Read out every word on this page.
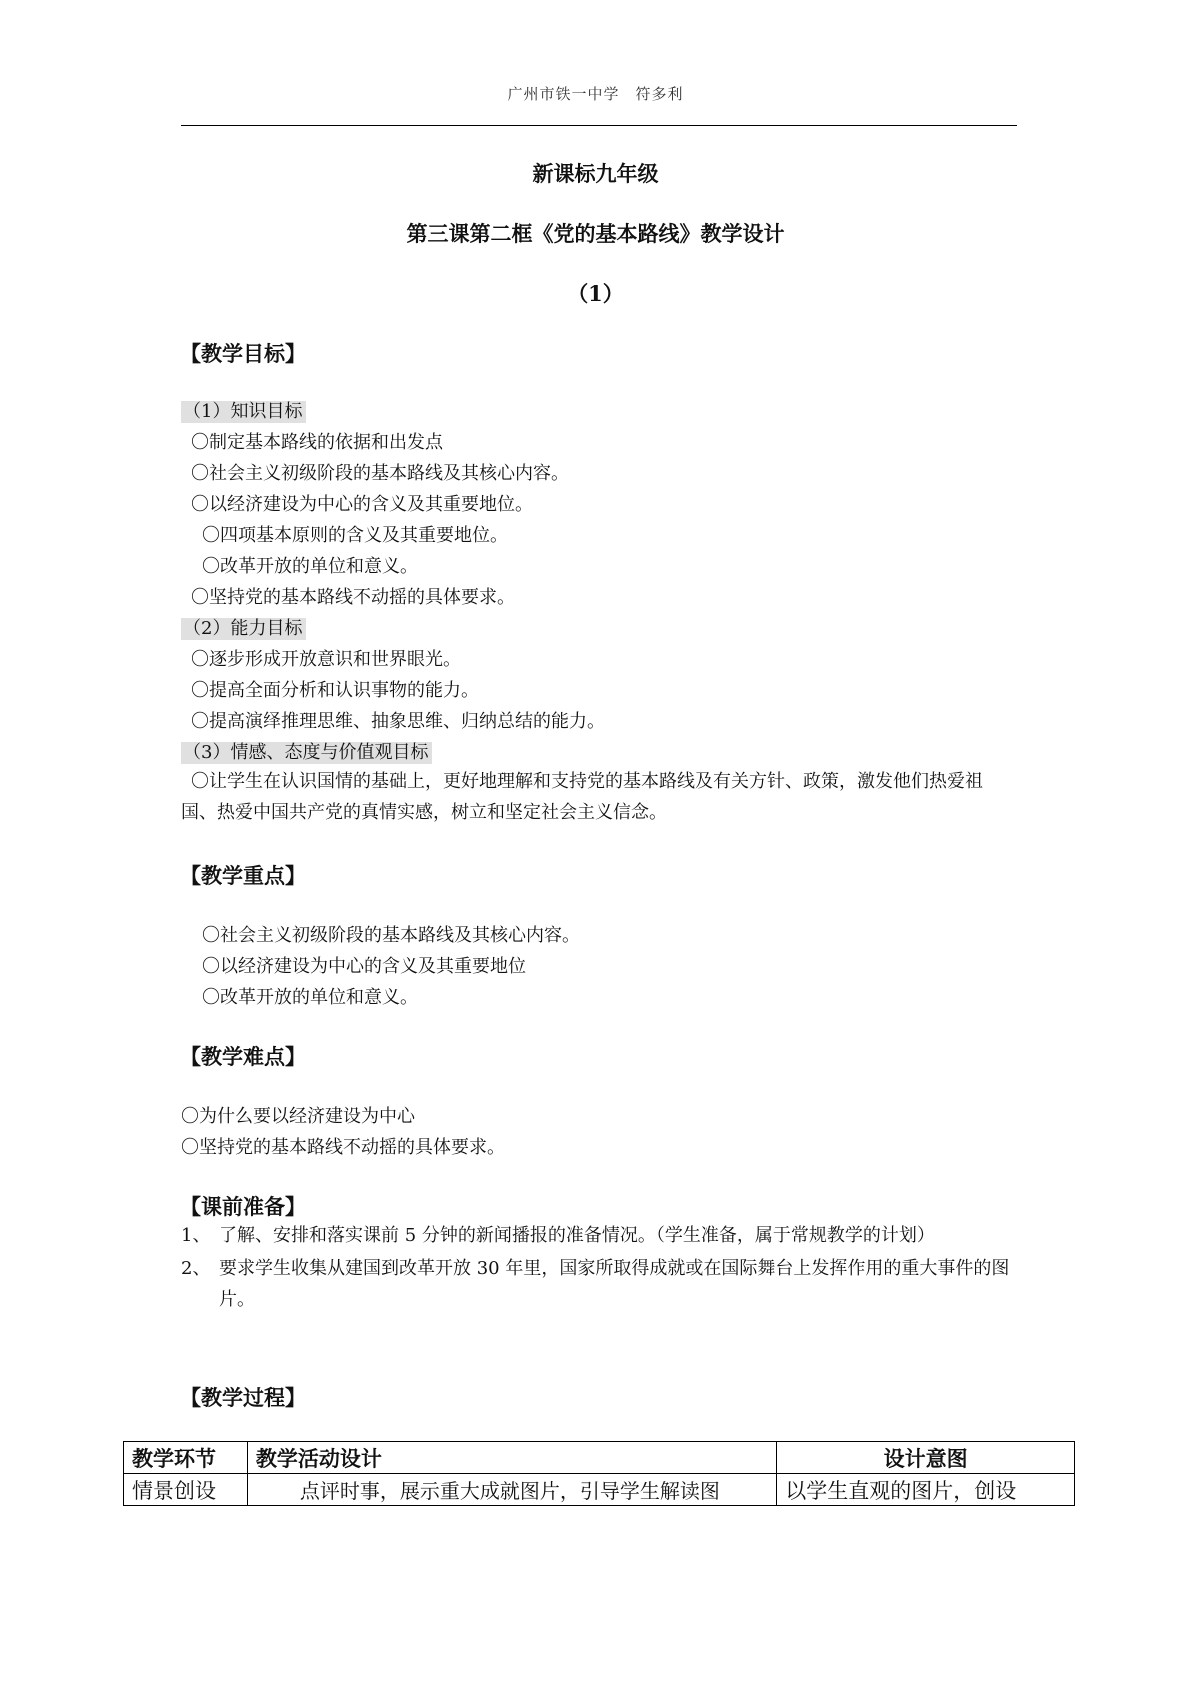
广州市铁一中学　符多利
新课标九年级
第三课第二框《党的基本路线》教学设计
（1）
【教学目标】
（1）知识目标
〇制定基本路线的依据和出发点
〇社会主义初级阶段的基本路线及其核心内容。
〇以经济建设为中心的含义及其重要地位。
〇四项基本原则的含义及其重要地位。
〇改革开放的单位和意义。
〇坚持党的基本路线不动摇的具体要求。
（2）能力目标
〇逐步形成开放意识和世界眼光。
〇提高全面分析和认识事物的能力。
〇提高演绎推理思维、抽象思维、归纳总结的能力。
（3）情感、态度与价值观目标
〇让学生在认识国情的基础上，更好地理解和支持党的基本路线及有关方针、政策，激发他们热爱祖国、热爱中国共产党的真情实感，树立和坚定社会主义信念。
【教学重点】
〇社会主义初级阶段的基本路线及其核心内容。
〇以经济建设为中心的含义及其重要地位
〇改革开放的单位和意义。
【教学难点】
〇为什么要以经济建设为中心
〇坚持党的基本路线不动摇的具体要求。
【课前准备】
1、 了解、安排和落实课前 5 分钟的新闻播报的准备情况。（学生准备，属于常规教学的计划）
2、 要求学生收集从建国到改革开放 30 年里，国家所取得成就或在国际舞台上发挥作用的重大事件的图片。
【教学过程】
教学环节	教学活动设计	设计意图
情景创设	点评时事，展示重大成就图片，引导学生解读图	以学生直观的图片，创设
